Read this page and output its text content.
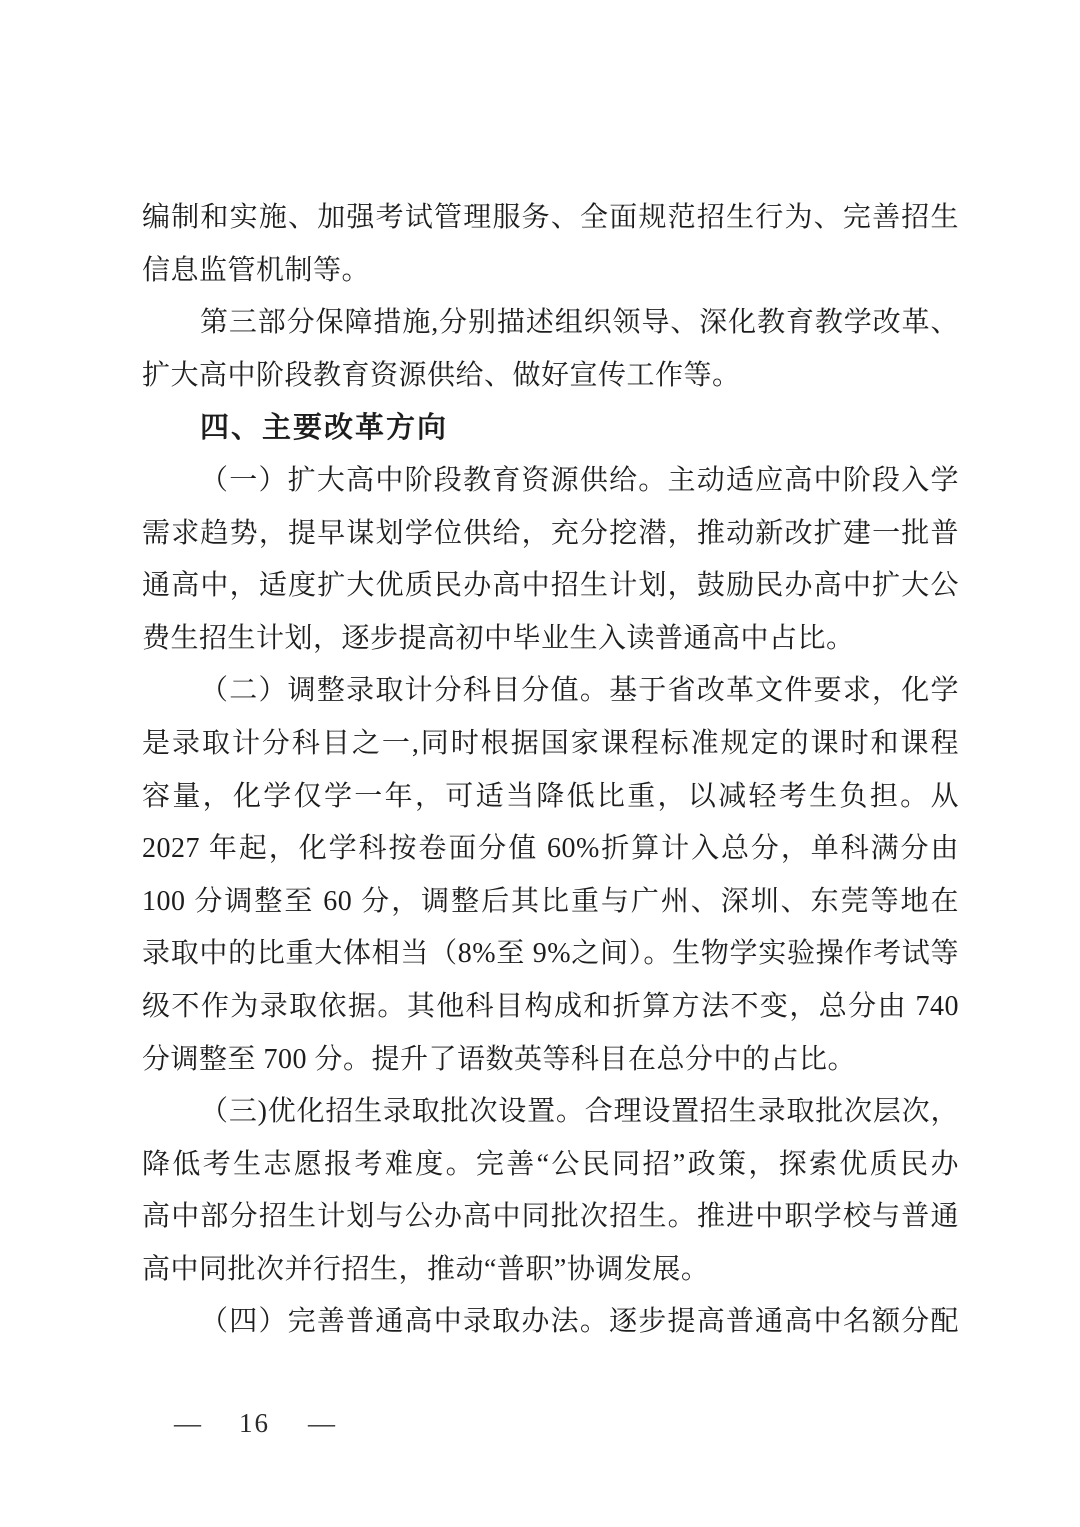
编制和实施、加强考试管理服务、全面规范招生行为、完善招生
信息监管机制等。
第三部分保障措施,分别描述组织领导、深化教育教学改革、
扩大高中阶段教育资源供给、做好宣传工作等。
四、主要改革方向
（一）扩大高中阶段教育资源供给。主动适应高中阶段入学
需求趋势，提早谋划学位供给，充分挖潜，推动新改扩建一批普
通高中，适度扩大优质民办高中招生计划，鼓励民办高中扩大公
费生招生计划，逐步提高初中毕业生入读普通高中占比。
（二）调整录取计分科目分值。基于省改革文件要求，化学
是录取计分科目之一,同时根据国家课程标准规定的课时和课程
容量，化学仅学一年，可适当降低比重，以减轻考生负担。从
2027 年起，化学科按卷面分值 60%折算计入总分，单科满分由
100 分调整至 60 分，调整后其比重与广州、深圳、东莞等地在
录取中的比重大体相当（8%至 9%之间）。生物学实验操作考试等
级不作为录取依据。其他科目构成和折算方法不变，总分由 740
分调整至 700 分。提升了语数英等科目在总分中的占比。
（三)优化招生录取批次设置。合理设置招生录取批次层次，
降低考生志愿报考难度。完善“公民同招”政策，探索优质民办
高中部分招生计划与公办高中同批次招生。推进中职学校与普通
高中同批次并行招生，推动“普职”协调发展。
（四）完善普通高中录取办法。逐步提高普通高中名额分配
— 16 —
